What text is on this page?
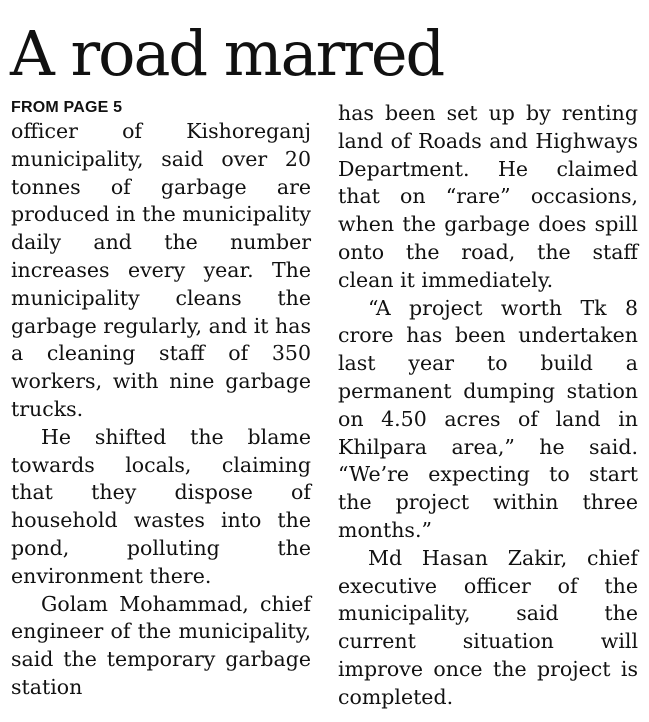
A road marred
FROM PAGE 5

officer of Kishoreganj municipality, said over 20 tonnes of garbage are produced in the municipality daily and the number increases every year. The municipality cleans the garbage regularly, and it has a cleaning staff of 350 workers, with nine garbage trucks.

He shifted the blame towards locals, claiming that they dispose of household wastes into the pond, polluting the environment there.

Golam Mohammad, chief engineer of the municipality, said the temporary garbage station

has been set up by renting land of Roads and Highways Department. He claimed that on “rare” occasions, when the garbage does spill onto the road, the staff clean it immediately.

“A project worth Tk 8 crore has been undertaken last year to build a permanent dumping station on 4.50 acres of land in Khilpara area,” he said. “We’re expecting to start the project within three months.”

Md Hasan Zakir, chief executive officer of the municipality, said the current situation will improve once the project is completed.
